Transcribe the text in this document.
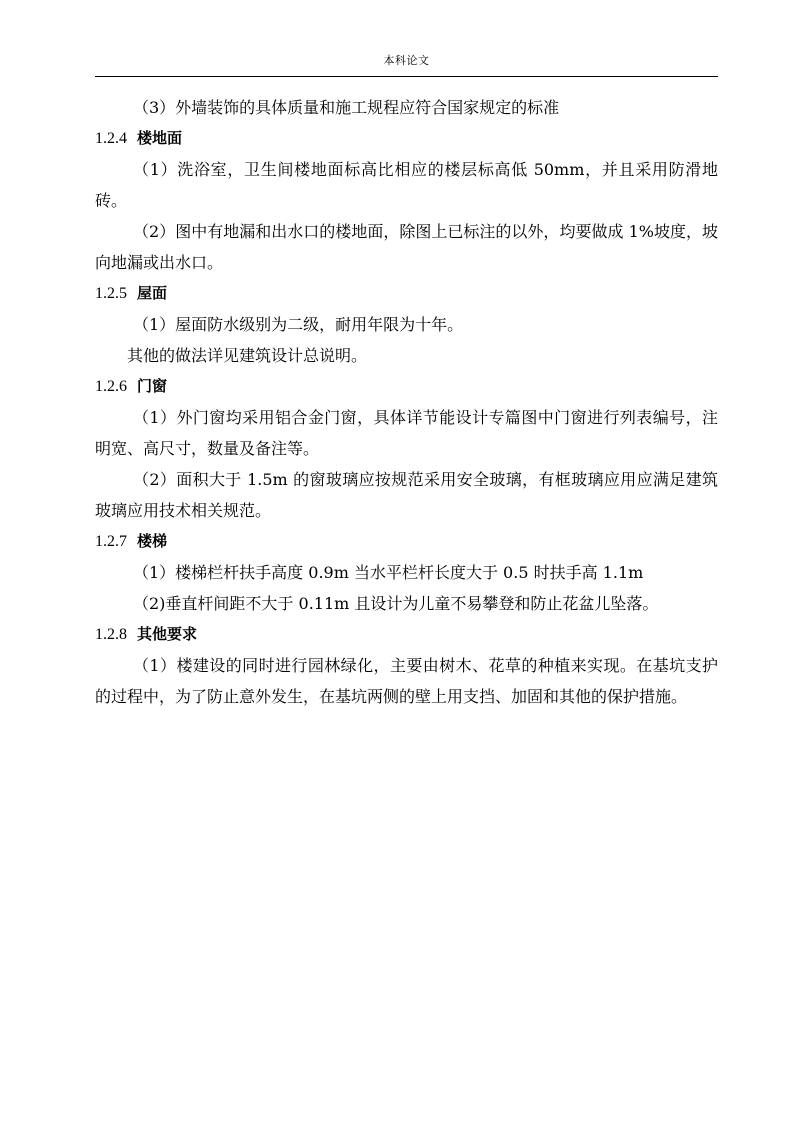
本科论文

（3）外墙装饰的具体质量和施工规程应符合国家规定的标准

1.2.4 楼地面

（1）洗浴室，卫生间楼地面标高比相应的楼层标高低 50mm，并且采用防滑地砖。

（2）图中有地漏和出水口的楼地面，除图上已标注的以外，均要做成 1%坡度，坡向地漏或出水口。

1.2.5 屋面

（1）屋面防水级别为二级，耐用年限为十年。

其他的做法详见建筑设计总说明。

1.2.6 门窗

（1）外门窗均采用铝合金门窗，具体详节能设计专篇图中门窗进行列表编号，注明宽、高尺寸，数量及备注等。

（2）面积大于 1.5m 的窗玻璃应按规范采用安全玻璃，有框玻璃应用应满足建筑玻璃应用技术相关规范。

1.2.7 楼梯

（1）楼梯栏杆扶手高度 0.9m 当水平栏杆长度大于 0.5 时扶手高 1.1m

（2)垂直杆间距不大于 0.11m 且设计为儿童不易攀登和防止花盆儿坠落。

1.2.8 其他要求

（1）楼建设的同时进行园林绿化，主要由树木、花草的种植来实现。在基坑支护的过程中，为了防止意外发生，在基坑两侧的壁上用支挡、加固和其他的保护措施。
